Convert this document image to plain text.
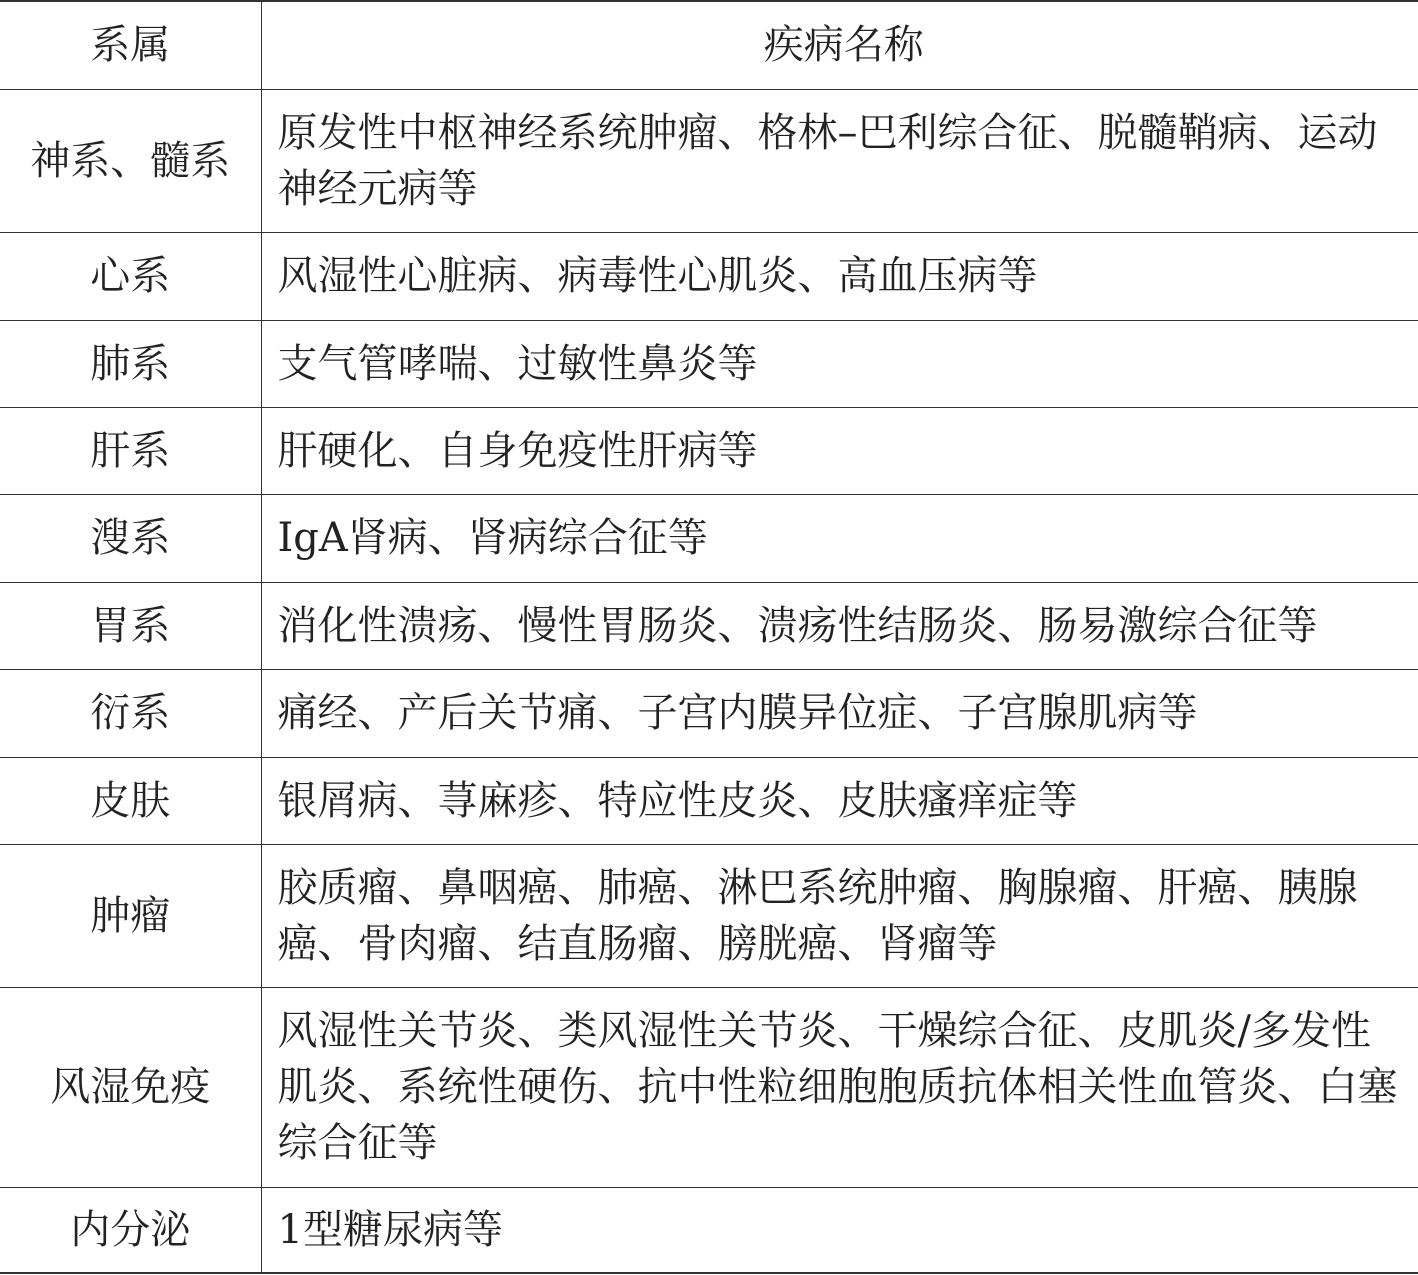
系属	疾病名称
神系、髓系	原发性中枢神经系统肿瘤、格林–巴利综合征、脱髓鞘病、运动神经元病等
心系	风湿性心脏病、病毒性心肌炎、高血压病等
肺系	支气管哮喘、过敏性鼻炎等
肝系	肝硬化、自身免疫性肝病等
溲系	IgA肾病、肾病综合征等
胃系	消化性溃疡、慢性胃肠炎、溃疡性结肠炎、肠易激综合征等
衍系	痛经、产后关节痛、子宫内膜异位症、子宫腺肌病等
皮肤	银屑病、荨麻疹、特应性皮炎、皮肤瘙痒症等
肿瘤	胶质瘤、鼻咽癌、肺癌、淋巴系统肿瘤、胸腺瘤、肝癌、胰腺癌、骨肉瘤、结直肠瘤、膀胱癌、肾瘤等
风湿免疫	风湿性关节炎、类风湿性关节炎、干燥综合征、皮肌炎/多发性肌炎、系统性硬伤、抗中性粒细胞胞质抗体相关性血管炎、白塞综合征等
内分泌	1型糖尿病等
